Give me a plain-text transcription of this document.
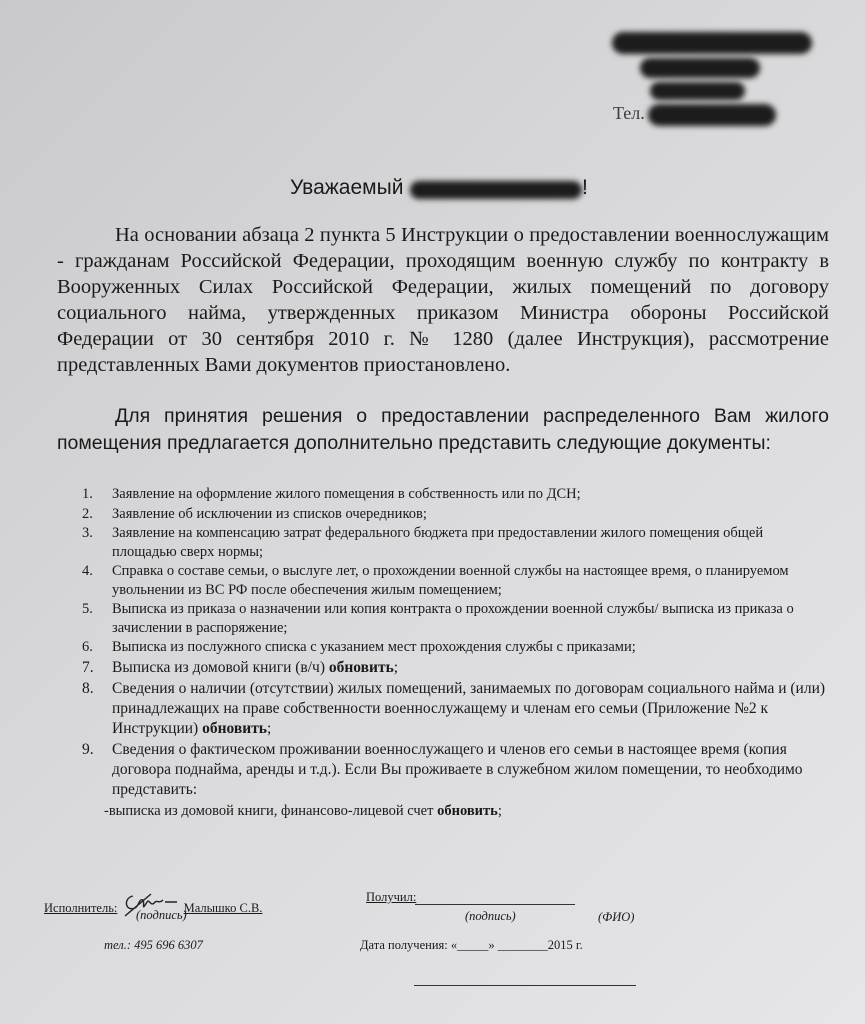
Тел.
Уважаемый	!
На основании абзаца 2 пункта 5 Инструкции о предоставлении военнослужащим - гражданам Российской Федерации, проходящим военную службу по контракту в Вооруженных Силах Российской Федерации, жилых помещений по договору социального найма, утвержденных приказом Министра обороны Российской Федерации от 30 сентября 2010 г. № 1280 (далее Инструкция), рассмотрение представленных Вами документов приостановлено.
Для принятия решения о предоставлении распределенного Вам жилого помещения предлагается дополнительно представить следующие документы:
1. Заявление на оформление жилого помещения в собственность или по ДСН;
2. Заявление об исключении из списков очередников;
3. Заявление на компенсацию затрат федерального бюджета при предоставлении жилого помещения общей площадью сверх нормы;
4. Справка о составе семьи, о выслуге лет, о прохождении военной службы на настоящее время, о планируемом увольнении из ВС РФ после обеспечения жилым помещением;
5. Выписка из приказа о назначении или копия контракта о прохождении военной службы/ выписка из приказа о зачислении в распоряжение;
6. Выписка из послужного списка с указанием мест прохождения службы с приказами;
7. Выписка из домовой книги (в/ч) обновить;
8. Сведения о наличии (отсутствии) жилых помещений, занимаемых по договорам социального найма и (или) принадлежащих на праве собственности военнослужащему и членам его семьи (Приложение №2 к Инструкции) обновить;
9. Сведения о фактическом проживании военнослужащего и членов его семьи в настоящее время (копия договора поднайма, аренды и т.д.). Если Вы проживаете в служебном жилом помещении, то необходимо представить:
-выписка из домовой книги, финансово-лицевой счет обновить;
Исполнитель:	Малышко С.В.
(подпись)
тел.: 495 696 6307
Получил:
(подпись)	(ФИО)
Дата получения: «_____» ________2015 г.
